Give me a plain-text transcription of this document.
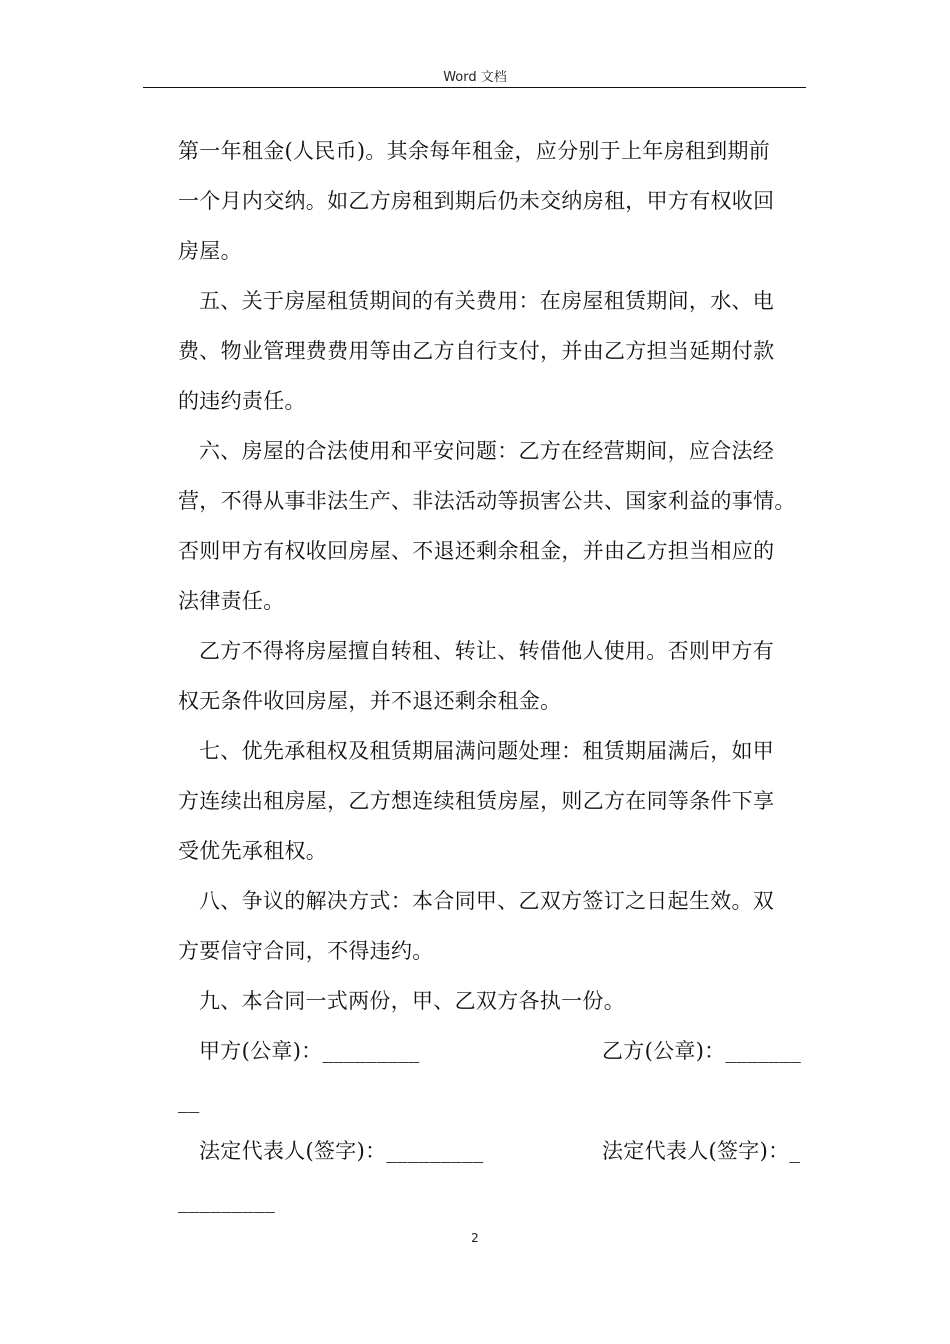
Word 文档

第一年租金(人民币)。其余每年租金，应分别于上年房租到期前

一个月内交纳。如乙方房租到期后仍未交纳房租，甲方有权收回

房屋。

五、关于房屋租赁期间的有关费用：在房屋租赁期间，水、电

费、物业管理费费用等由乙方自行支付，并由乙方担当延期付款

的违约责任。

六、房屋的合法使用和平安问题：乙方在经营期间，应合法经

营，不得从事非法生产、非法活动等损害公共、国家利益的事情。

否则甲方有权收回房屋、不退还剩余租金，并由乙方担当相应的

法律责任。

乙方不得将房屋擅自转租、转让、转借他人使用。否则甲方有

权无条件收回房屋，并不退还剩余租金。

七、优先承租权及租赁期届满问题处理：租赁期届满后，如甲

方连续出租房屋，乙方想连续租赁房屋，则乙方在同等条件下享

受优先承租权。

八、争议的解决方式：本合同甲、乙双方签订之日起生效。双

方要信守合同，不得违约。

九、本合同一式两份，甲、乙双方各执一份。

甲方(公章)：_________	乙方(公章)：_______
__
法定代表人(签字)：_________	法定代表人(签字)：_
_________
2
